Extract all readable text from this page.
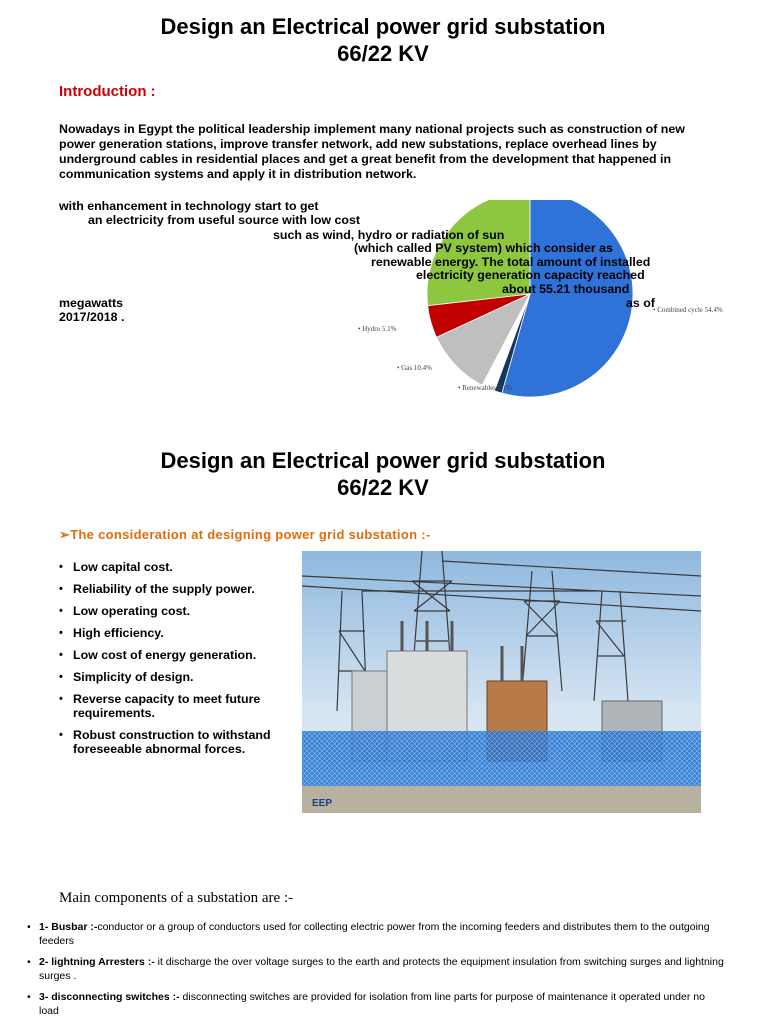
Design an Electrical power grid substation
66/22 KV
Introduction :
Nowadays in Egypt the political leadership implement many national projects such as construction of new power generation stations, improve transfer network, add new substations, replace overhead lines by underground cables in residential places and get a great benefit from the development that happened in communication systems and apply it in distribution network.
• Combined cycle 54.4%
• Renewables 2.1%
• Gas 10.4%
• Hydro 5.1%
with enhancement in technology start to get
an electricity from useful source with low cost
such as wind, hydro or radiation of sun
(which called PV system) which consider as
renewable energy. The total amount of installed
electricity generation capacity reached
about 55.21 thousand
as of
megawatts
2017/2018 .
Design an Electrical power grid substation
66/22 KV
➢The consideration at designing power grid substation :-
• Low capital cost.
• Reliability of the supply power.
• Low operating cost.
• High efficiency.
• Low cost of energy generation.
• Simplicity of design.
• Reverse capacity to meet future requirements.
• Robust construction to withstand foreseeable abnormal forces.
EEP
Main components of a substation are :-
• 1- Busbar :-conductor or a group of conductors used for collecting electric power from the incoming feeders and distributes them to the outgoing feeders
• 2- lightning Arresters :- it discharge the over voltage surges to the earth and protects the equipment insulation from switching surges and lightning surges .
• 3- disconnecting switches :- disconnecting switches are provided for isolation from line parts for purpose of maintenance it operated under no load
